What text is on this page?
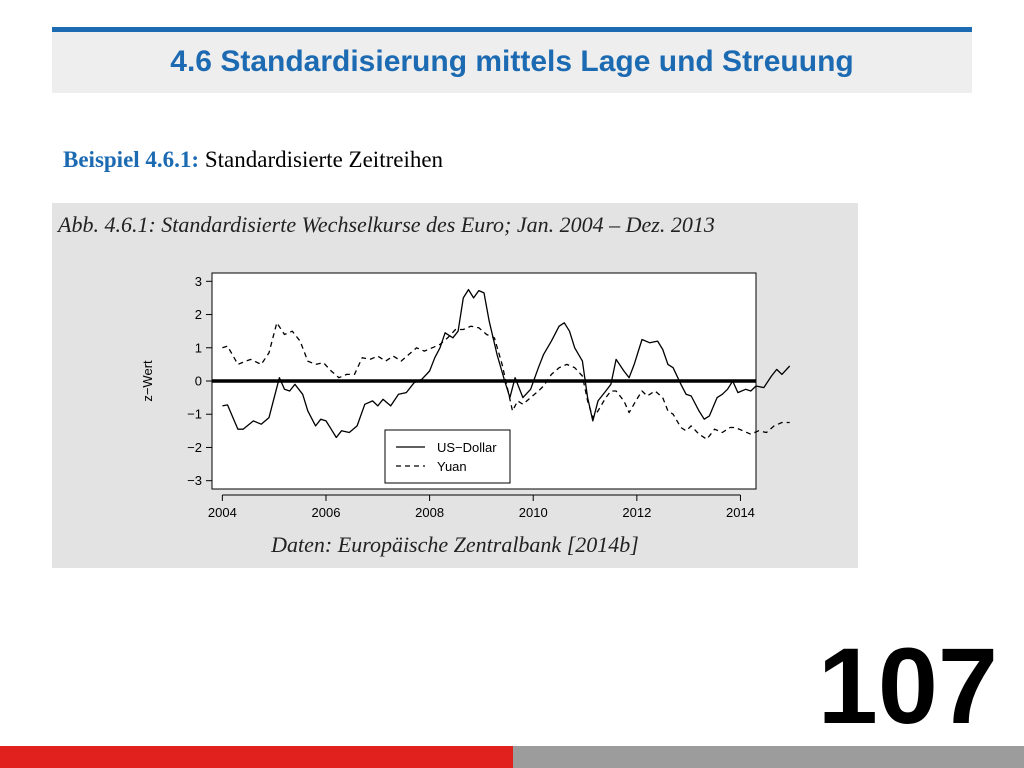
4.6 Standardisierung mittels Lage und Streuung
Beispiel 4.6.1: Standardisierte Zeitreihen
Abb. 4.6.1: Standardisierte Wechselkurse des Euro; Jan. 2004 – Dez. 2013
3
2
1
0
−1
−2
−3
2004	2006	2008	2010	2012	2014
z−Wert
US−Dollar
Yuan
Daten: Europäische Zentralbank [2014b]
107
